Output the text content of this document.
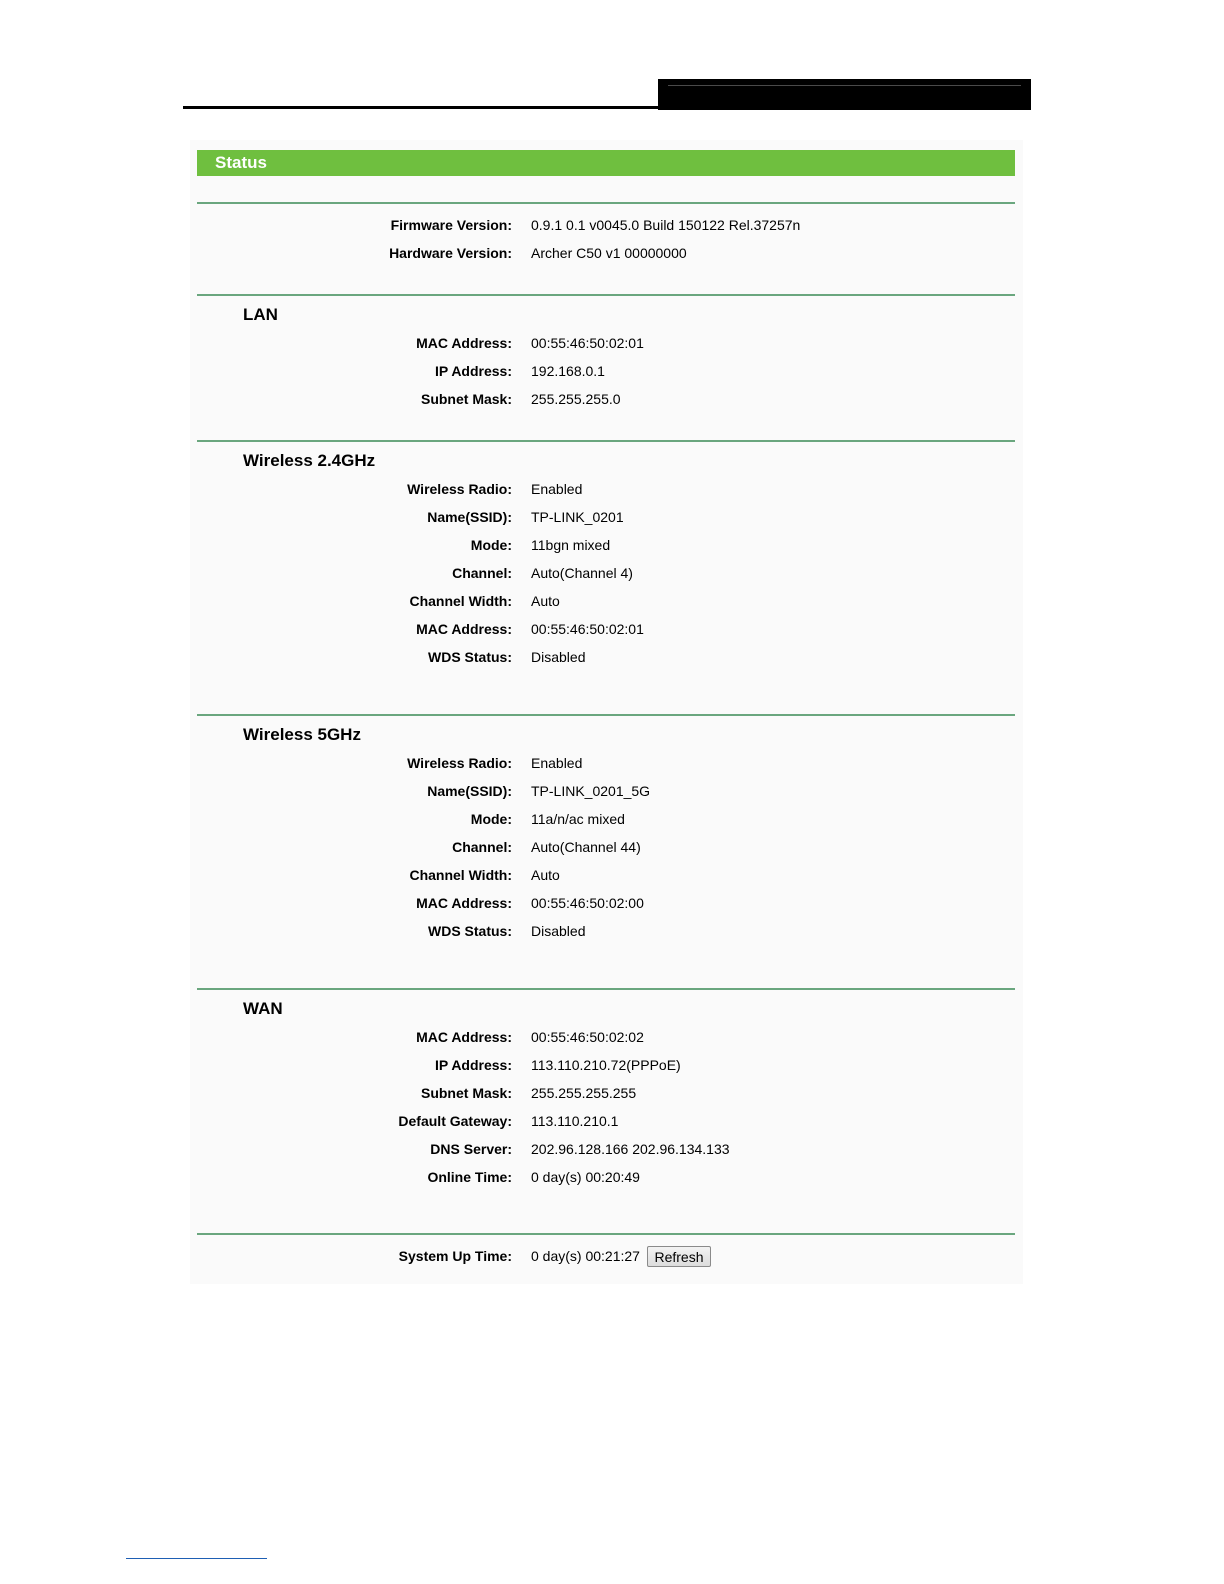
Status
Firmware Version: 0.9.1 0.1 v0045.0 Build 150122 Rel.37257n
Hardware Version: Archer C50 v1 00000000
LAN
MAC Address: 00:55:46:50:02:01
IP Address: 192.168.0.1
Subnet Mask: 255.255.255.0
Wireless 2.4GHz
Wireless Radio: Enabled
Name(SSID): TP-LINK_0201
Mode: 11bgn mixed
Channel: Auto(Channel 4)
Channel Width: Auto
MAC Address: 00:55:46:50:02:01
WDS Status: Disabled
Wireless 5GHz
Wireless Radio: Enabled
Name(SSID): TP-LINK_0201_5G
Mode: 11a/n/ac mixed
Channel: Auto(Channel 44)
Channel Width: Auto
MAC Address: 00:55:46:50:02:00
WDS Status: Disabled
WAN
MAC Address: 00:55:46:50:02:02
IP Address: 113.110.210.72(PPPoE)
Subnet Mask: 255.255.255.255
Default Gateway: 113.110.210.1
DNS Server: 202.96.128.166 202.96.134.133
Online Time: 0 day(s) 00:20:49
System Up Time: 0 day(s) 00:21:27	Refresh
